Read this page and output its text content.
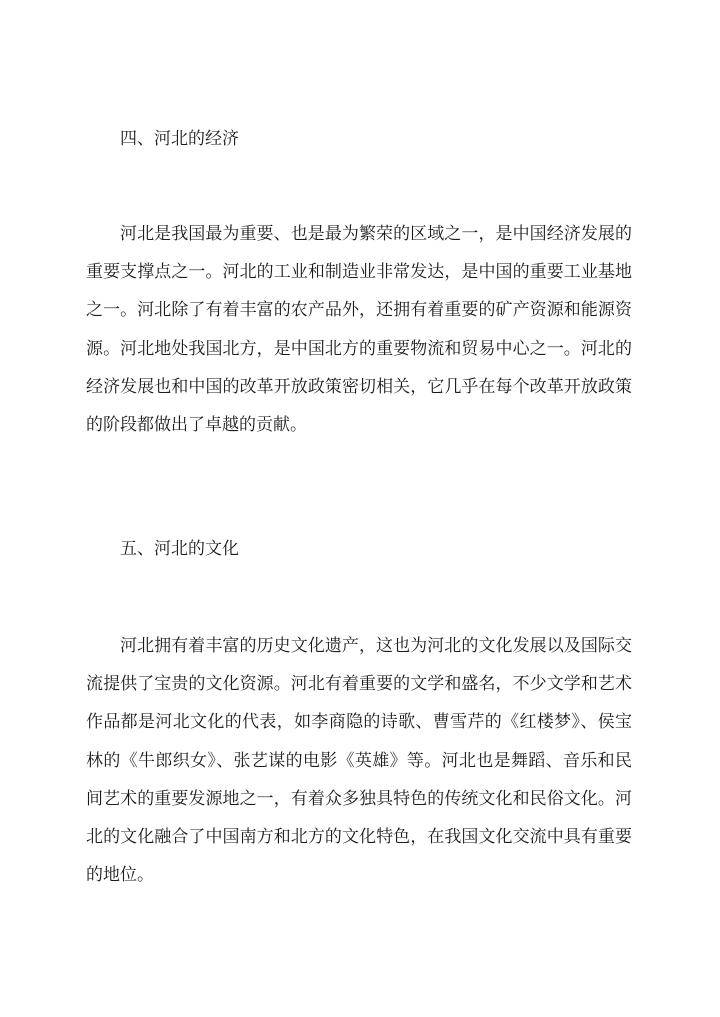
四、河北的经济
河北是我国最为重要、也是最为繁荣的区域之一，是中国经济发展的
重要支撑点之一。河北的工业和制造业非常发达，是中国的重要工业基地
之一。河北除了有着丰富的农产品外，还拥有着重要的矿产资源和能源资
源。河北地处我国北方，是中国北方的重要物流和贸易中心之一。河北的
经济发展也和中国的改革开放政策密切相关，它几乎在每个改革开放政策
的阶段都做出了卓越的贡献。
五、河北的文化
河北拥有着丰富的历史文化遗产，这也为河北的文化发展以及国际交
流提供了宝贵的文化资源。河北有着重要的文学和盛名，不少文学和艺术
作品都是河北文化的代表，如李商隐的诗歌、曹雪芹的《红楼梦》、侯宝
林的《牛郎织女》、张艺谋的电影《英雄》等。河北也是舞蹈、音乐和民
间艺术的重要发源地之一，有着众多独具特色的传统文化和民俗文化。河
北的文化融合了中国南方和北方的文化特色，在我国文化交流中具有重要
的地位。
